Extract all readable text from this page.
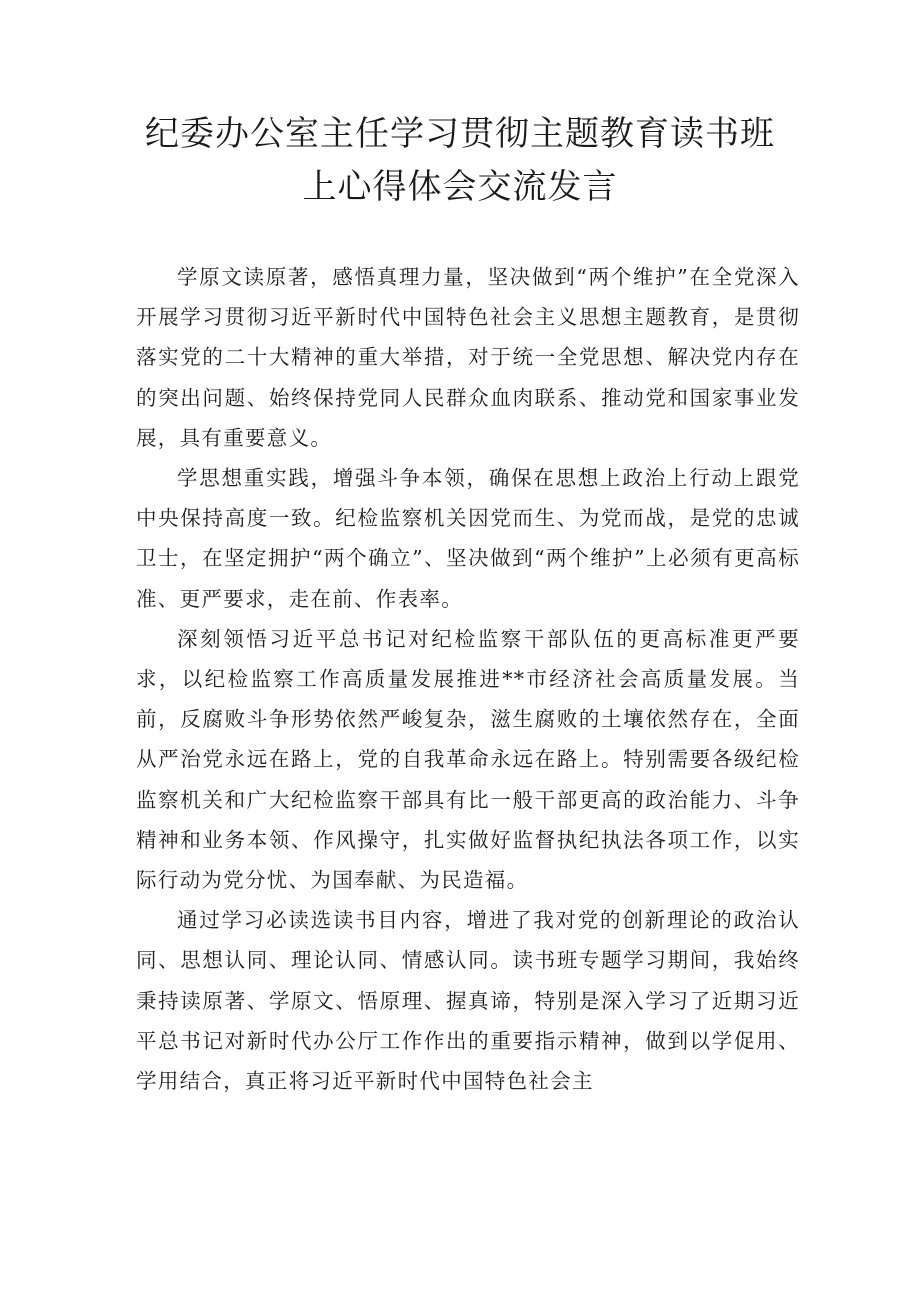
纪委办公室主任学习贯彻主题教育读书班
上心得体会交流发言

学原文读原著，感悟真理力量，坚决做到“两个维护”在全党深入开展学习贯彻习近平新时代中国特色社会主义思想主题教育，是贯彻落实党的二十大精神的重大举措，对于统一全党思想、解决党内存在的突出问题、始终保持党同人民群众血肉联系、推动党和国家事业发展，具有重要意义。

学思想重实践，增强斗争本领，确保在思想上政治上行动上跟党中央保持高度一致。纪检监察机关因党而生、为党而战，是党的忠诚卫士，在坚定拥护“两个确立”、坚决做到“两个维护”上必须有更高标准、更严要求，走在前、作表率。

深刻领悟习近平总书记对纪检监察干部队伍的更高标准更严要求，以纪检监察工作高质量发展推进**市经济社会高质量发展。当前，反腐败斗争形势依然严峻复杂，滋生腐败的土壤依然存在，全面从严治党永远在路上，党的自我革命永远在路上。特别需要各级纪检监察机关和广大纪检监察干部具有比一般干部更高的政治能力、斗争精神和业务本领、作风操守，扎实做好监督执纪执法各项工作，以实际行动为党分忧、为国奉献、为民造福。

通过学习必读选读书目内容，增进了我对党的创新理论的政治认同、思想认同、理论认同、情感认同。读书班专题学习期间，我始终秉持读原著、学原文、悟原理、握真谛，特别是深入学习了近期习近平总书记对新时代办公厅工作作出的重要指示精神，做到以学促用、学用结合，真正将习近平新时代中国特色社会主
